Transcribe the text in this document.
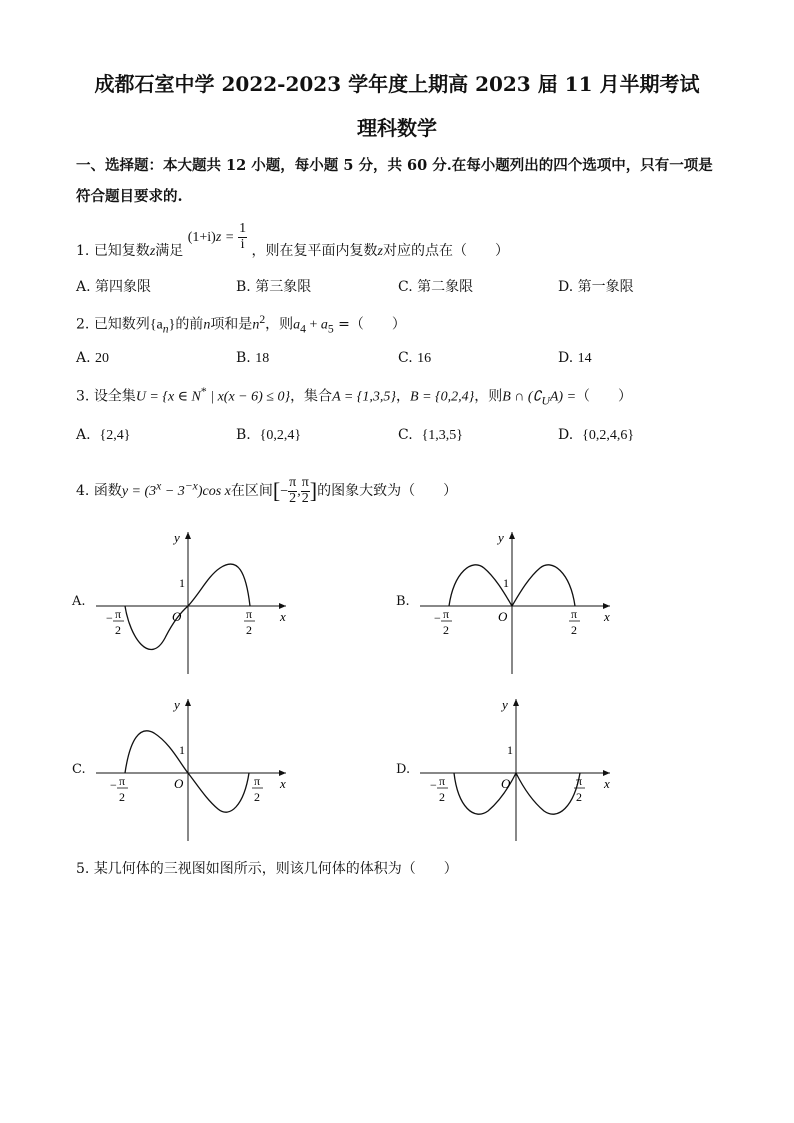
成都石室中学 2022-2023 学年度上期高 2023 届 11 月半期考试
理科数学
一、选择题：本大题共 12 小题，每小题 5 分，共 60 分.在每小题列出的四个选项中，只有一项是符合题目要求的.
1. 已知复数z满足 $(1+i)z = \frac{1}{i}$ ，则在复平面内复数z对应的点在（　　）
A. 第四象限	B. 第三象限	C. 第二象限	D. 第一象限
2. 已知数列$\{a_n\}$的前n项和是$n^2$，则$a_4 + a_5$ =（　　）
A. 20	B. 18	C. 16	D. 14
3. 设全集U = {x ∈ N* | x(x − 6) ≤ 0}，集合A = {1,3,5}，B = {0,2,4}，则B ∩ $(∁_UA)$ =（　　）
A. {2,4}	B. {0,2,4}	C. {1,3,5}	D. {0,2,4,6}
4. 函数$y = (3^x - 3^{-x})\cos$ x在区间[− $\frac{\pi}{2}$ , $\frac{\pi}{2}$ ]的图象大致为（　　）
A.	B.
C.	D.
y
1
O	x
− π
2
π
2
y
1
O	x
− π
2
π
2
y
1
O	x
− π
2
π
2
y
1
O	x
− π
2
π
2
5. 某几何体的三视图如图所示，则该几何体的体积为（　　）
